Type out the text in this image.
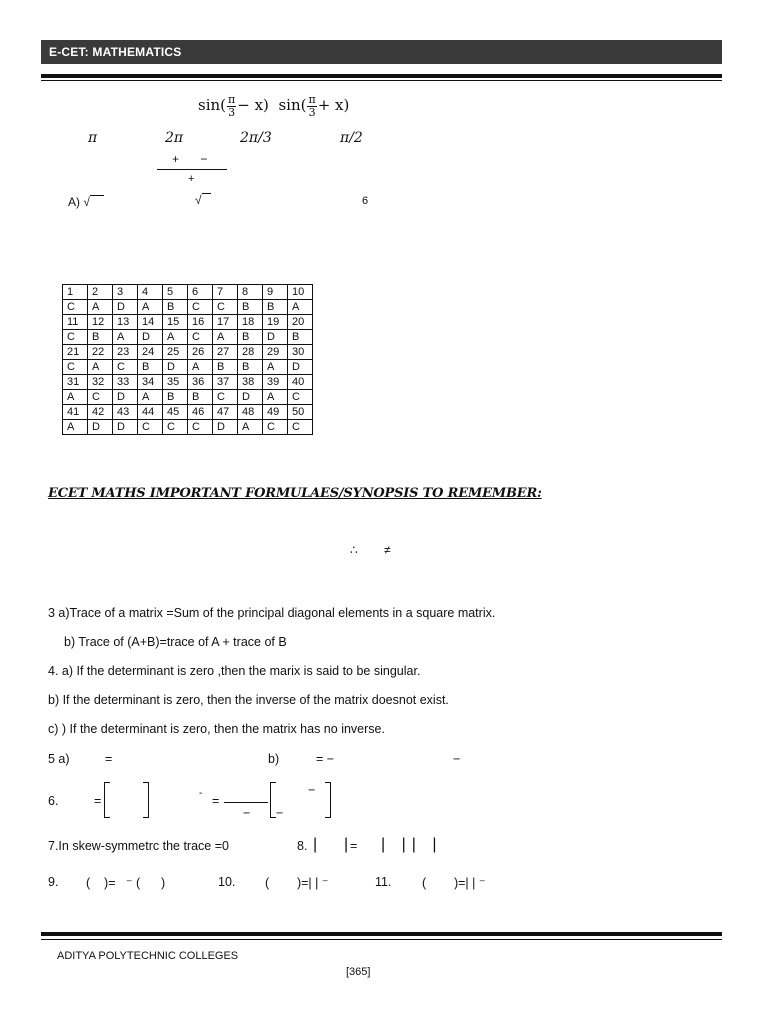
E-CET: MATHEMATICS
$\sin( \frac{\pi}{3} - x)$ $\sin( \frac{\pi}{3} + x)$
π	2π	2π/3	π/2
+ −
+
A) √	√	6
1	2	3	4	5	6	7	8	9	10
C	A	D	A	B	C	C	B	B	A
11	12	13	14	15	16	17	18	19	20
C	B	A	D	A	C	A	B	D	B
21	22	23	24	25	26	27	28	29	30
C	A	C	B	D	A	B	B	A	D
31	32	33	34	35	36	37	38	39	40
A	C	D	A	B	B	C	D	A	C
41	42	43	44	45	46	47	48	49	50
A	D	D	C	C	C	D	A	C	C
ECET MATHS IMPORTANT FORMULAES/SYNOPSIS TO REMEMBER:
∴ ≠
3 a)Trace of a matrix =Sum of the principal diagonal elements in a square matrix.
b) Trace of (A+B)=trace of A + trace of B
4. a) If the determinant is zero ,then the marix is said to be singular.
b) If the determinant is zero, then the inverse of the matrix doesnot exist.
c) ) If the determinant is zero, then the matrix has no inverse.
5 a)	=	b)	= −	−
6.	=
-
=
− −
−
7.In skew-symmetrc the trace =0	8. | | = | || |
9. (    )=   ⁻ (      )	10. (        )=| | ⁻	11. (        )=| | ⁻
ADITYA POLYTECHNIC COLLEGES
[365]
